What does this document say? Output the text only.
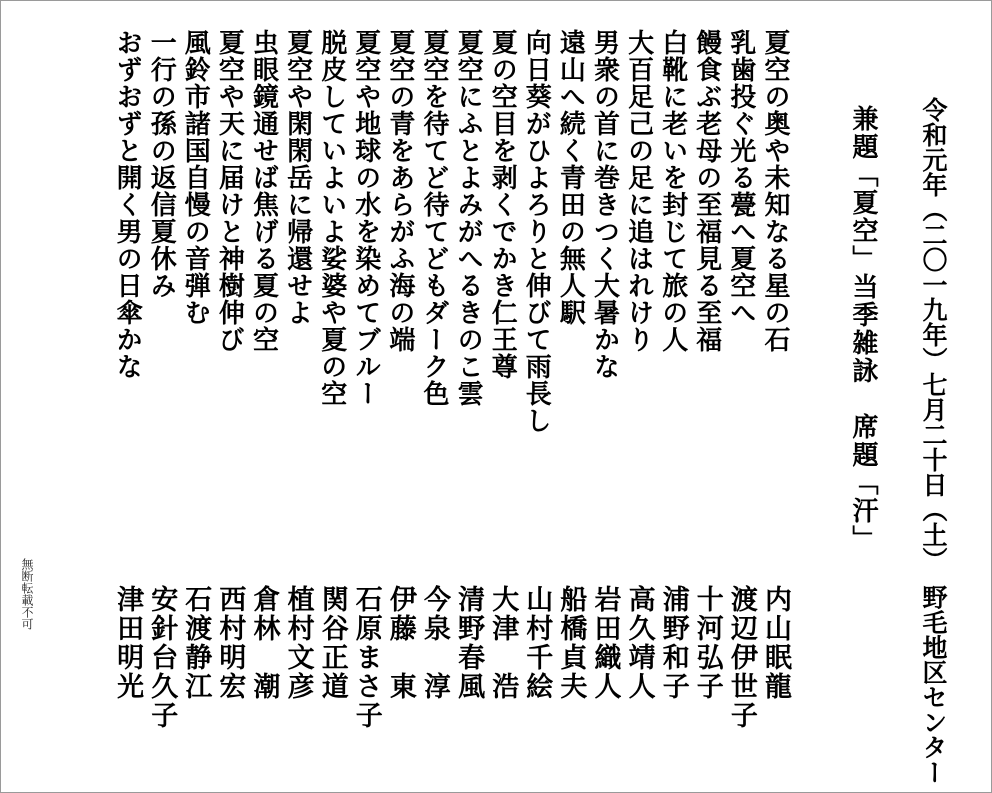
令和元年（二〇一九年）七月二十日（土）　野毛地区センター
兼題「夏空」当季雑詠　席題「汗」
夏空の奥や未知なる星の石
乳歯投ぐ光る甍へ夏空へ
饅食ぶ老母の至福見る至福
白靴に老いを封じて旅の人
大百足己の足に追はれけり
男衆の首に巻きつく大暑かな
遠山へ続く青田の無人駅
向日葵がひよろりと伸びて雨長し
夏の空目を剥くでかき仁王尊
夏空にふとよみがへるきのこ雲
夏空を待てど待てどもダーク色
夏空の青をあらがふ海の端
夏空や地球の水を染めてブルー
脱皮していよいよ娑婆や夏の空
夏空や閑閑岳に帰還せよ
虫眼鏡通せば焦げる夏の空
夏空や天に届けと神樹伸び
風鈴市諸国自慢の音弾む
一行の孫の返信夏休み
おずおずと開く男の日傘かな
内山眠龍
渡辺伊世子
十河弘子
浦野和子
高久靖人
岩田織人
船橋貞夫
山村千絵
大津　浩
清野春風
今泉　淳
伊藤　東
石原まさ子
関谷正道
植村文彦
倉林　潮
西村明宏
石渡静江
安針台久子
津田明光
無断転載不可
